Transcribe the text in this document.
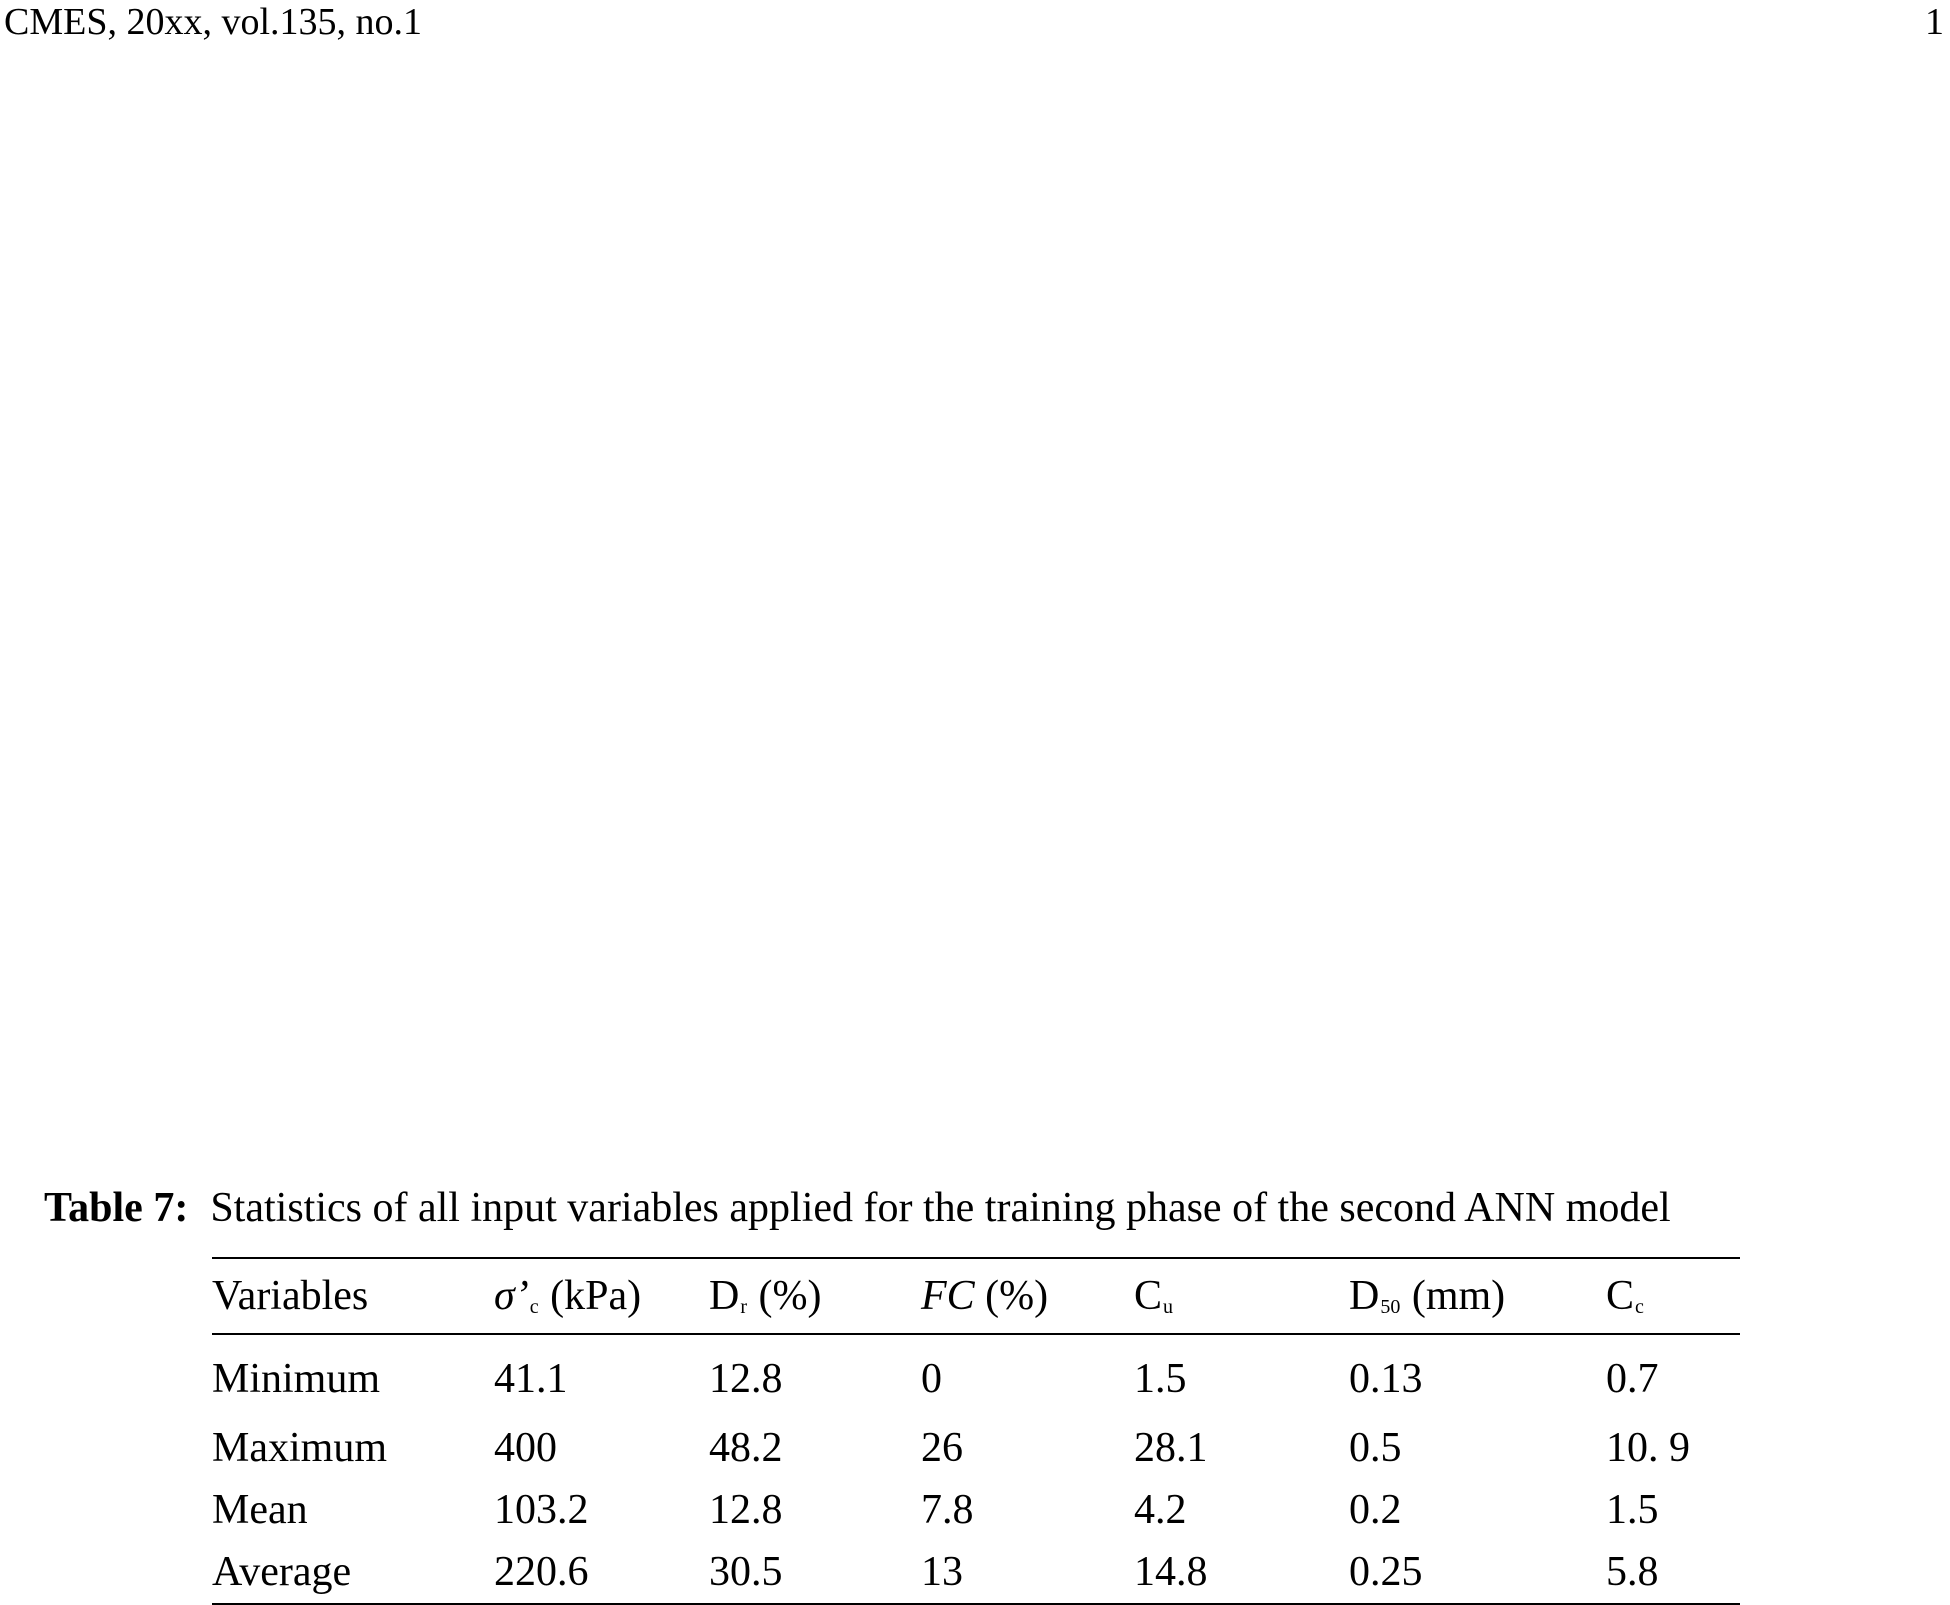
CMES, 20xx, vol.135, no.1	1
Table 7: Statistics of all input variables applied for the training phase of the second ANN model
Variables	$\sigma’_c$ (kPa)	$D_r$ (%)	FC (%)	$C_u$	$D_{50}$ (mm)	$C_c$
Minimum	41.1	12.8	0	1.5	0.13	0.7
Maximum	400	48.2	26	28.1	0.5	10. 9
Mean	103.2	12.8	7.8	4.2	0.2	1.5
Average	220.6	30.5	13	14.8	0.25	5.8
